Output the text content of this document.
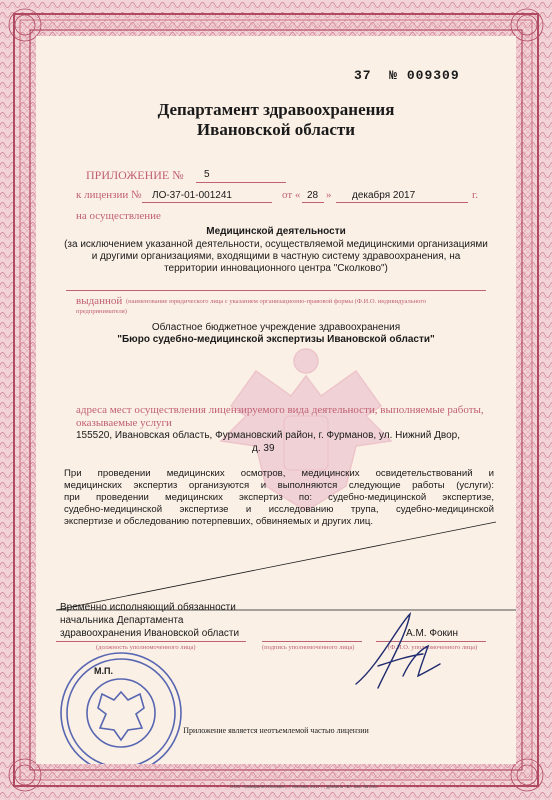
37 № 009309
Департамент здравоохранения
Ивановской области
ПРИЛОЖЕНИЕ № 5
к лицензии № ЛО-37-01-001241	от « 28 » декабря 2017	г.
на осуществление
Медицинской деятельности
(за исключением указанной деятельности, осуществляемой медицинскими организациями
и другими организациями, входящими в частную систему здравоохранения, на
территории инновационного центра "Сколково")
выданной (наименование юридического лица с указанием организационно-правовой формы (Ф.И.О. индивидуального
предпринимателя)
Областное бюджетное учреждение здравоохранения
"Бюро судебно-медицинской экспертизы Ивановской области"
адреса мест осуществления лицензируемого вида деятельности, выполняемые работы,
оказываемые услуги
155520, Ивановская область, Фурмановский район, г. Фурманов, ул. Нижний Двор,
д. 39
При проведении медицинских осмотров, медицинских освидетельствований и
медицинских экспертиз организуются и выполняются следующие работы (услуги):
при проведении медицинских экспертиз по: судебно-медицинской экспертизе,
судебно-медицинской экспертизе и исследованию трупа, судебно-медицинской
экспертизе и обследованию потерпевших, обвиняемых и других лиц.
Временно исполняющий обязанности
начальника Департамента
здравоохранения Ивановской области	А.М. Фокин
(должность уполномоченного лица)	(подпись уполномоченного лица)	(Ф.И.О. уполномоченного лица)
М.П.
Приложение является неотъемлемой частью лицензии
ООО «Симфония-Москва», г. Москва, 2017 г., уровень «Б» Зак. № 343
